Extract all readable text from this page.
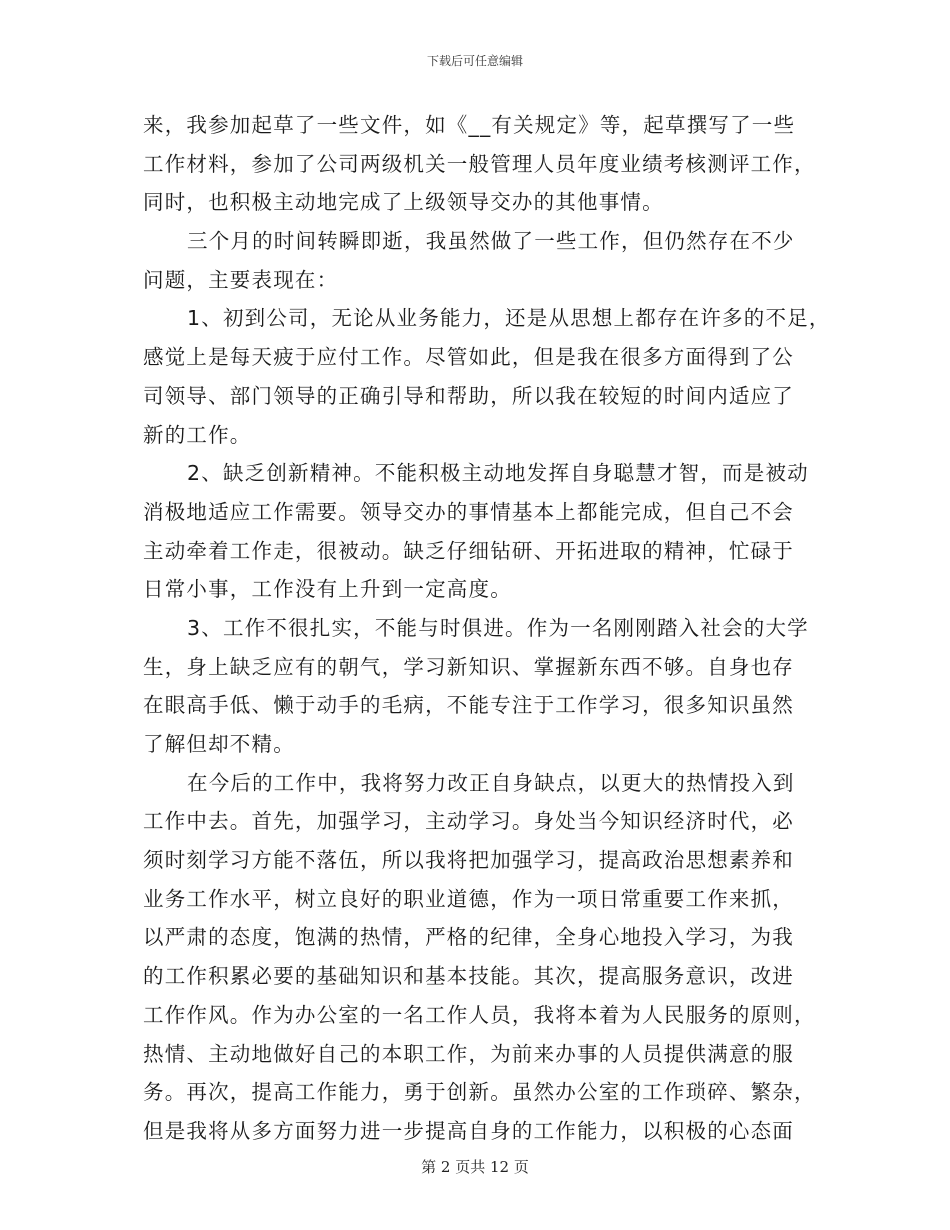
下载后可任意编辑
来，我参加起草了一些文件，如《__有关规定》等，起草撰写了一些
工作材料，参加了公司两级机关一般管理人员年度业绩考核测评工作，
同时，也积极主动地完成了上级领导交办的其他事情。
三个月的时间转瞬即逝，我虽然做了一些工作，但仍然存在不少
问题，主要表现在：
1、初到公司，无论从业务能力，还是从思想上都存在许多的不足，
感觉上是每天疲于应付工作。尽管如此，但是我在很多方面得到了公
司领导、部门领导的正确引导和帮助，所以我在较短的时间内适应了
新的工作。
2、缺乏创新精神。不能积极主动地发挥自身聪慧才智，而是被动
消极地适应工作需要。领导交办的事情基本上都能完成，但自己不会
主动牵着工作走，很被动。缺乏仔细钻研、开拓进取的精神，忙碌于
日常小事，工作没有上升到一定高度。
3、工作不很扎实，不能与时俱进。作为一名刚刚踏入社会的大学
生，身上缺乏应有的朝气，学习新知识、掌握新东西不够。自身也存
在眼高手低、懒于动手的毛病，不能专注于工作学习，很多知识虽然
了解但却不精。
在今后的工作中，我将努力改正自身缺点，以更大的热情投入到
工作中去。首先，加强学习，主动学习。身处当今知识经济时代，必
须时刻学习方能不落伍，所以我将把加强学习，提高政治思想素养和
业务工作水平，树立良好的职业道德，作为一项日常重要工作来抓，
以严肃的态度，饱满的热情，严格的纪律，全身心地投入学习，为我
的工作积累必要的基础知识和基本技能。其次，提高服务意识，改进
工作作风。作为办公室的一名工作人员，我将本着为人民服务的原则，
热情、主动地做好自己的本职工作，为前来办事的人员提供满意的服
务。再次，提高工作能力，勇于创新。虽然办公室的工作琐碎、繁杂，
但是我将从多方面努力进一步提高自身的工作能力，以积极的心态面
第 2 页共 12 页
